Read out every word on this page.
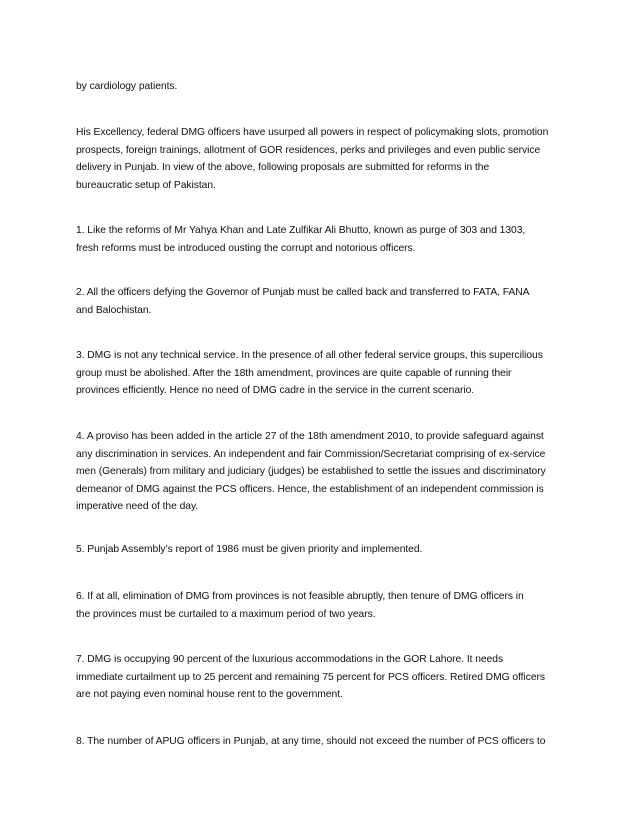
by cardiology patients.

His Excellency, federal DMG officers have usurped all powers in respect of policymaking slots, promotion
prospects, foreign trainings, allotment of GOR residences, perks and privileges and even public service
delivery in Punjab. In view of the above, following proposals are submitted for reforms in the
bureaucratic setup of Pakistan.

1. Like the reforms of Mr Yahya Khan and Late Zulfikar Ali Bhutto, known as purge of 303 and 1303,
fresh reforms must be introduced ousting the corrupt and notorious officers.

2. All the officers defying the Governor of Punjab must be called back and transferred to FATA, FANA
and Balochistan.

3. DMG is not any technical service. In the presence of all other federal service groups, this supercilious
group must be abolished. After the 18th amendment, provinces are quite capable of running their
provinces efficiently. Hence no need of DMG cadre in the service in the current scenario.

4. A proviso has been added in the article 27 of the 18th amendment 2010, to provide safeguard against
any discrimination in services. An independent and fair Commission/Secretariat comprising of ex-service
men (Generals) from military and judiciary (judges) be established to settle the issues and discriminatory
demeanor of DMG against the PCS officers. Hence, the establishment of an independent commission is
imperative need of the day.

5. Punjab Assembly’s report of 1986 must be given priority and implemented.

6. If at all, elimination of DMG from provinces is not feasible abruptly, then tenure of DMG officers in
the provinces must be curtailed to a maximum period of two years.

7. DMG is occupying 90 percent of the luxurious accommodations in the GOR Lahore. It needs
immediate curtailment up to 25 percent and remaining 75 percent for PCS officers. Retired DMG officers
are not paying even nominal house rent to the government.

8. The number of APUG officers in Punjab, at any time, should not exceed the number of PCS officers to
